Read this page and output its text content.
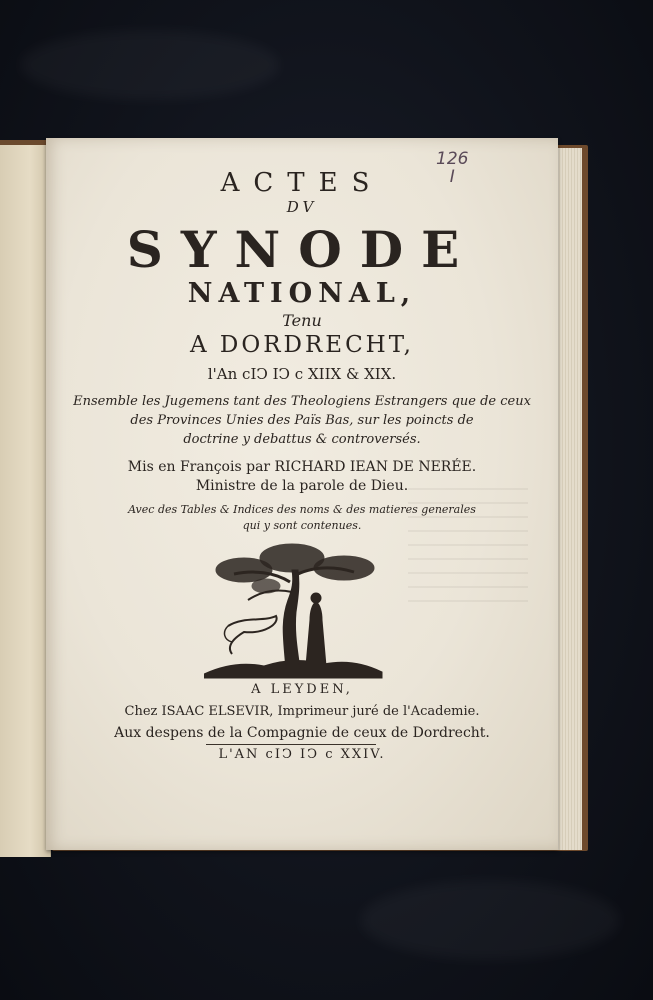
126
I
ACTES
DV
SYNODE
NATIONAL,
Tenu
A DORDRECHT,
l'An cIↃ IↃ c XIIX & XIX.
Ensemble les Jugemens tant des Theologiens Estrangers que de ceux
des Provinces Unies des Païs Bas, sur les poincts de
doctrine y debattus & controversés.
Mis en François par RICHARD IEAN DE NERÉE.
Ministre de la parole de Dieu.
Avec des Tables & Indices des noms & des matieres generales
qui y sont contenues.
A LEYDEN,
Chez ISAAC ELSEVIR, Imprimeur juré de l'Academie.
Aux despens de la Compagnie de ceux de Dordrecht.
L'AN cIↃ IↃ c XXIV.
